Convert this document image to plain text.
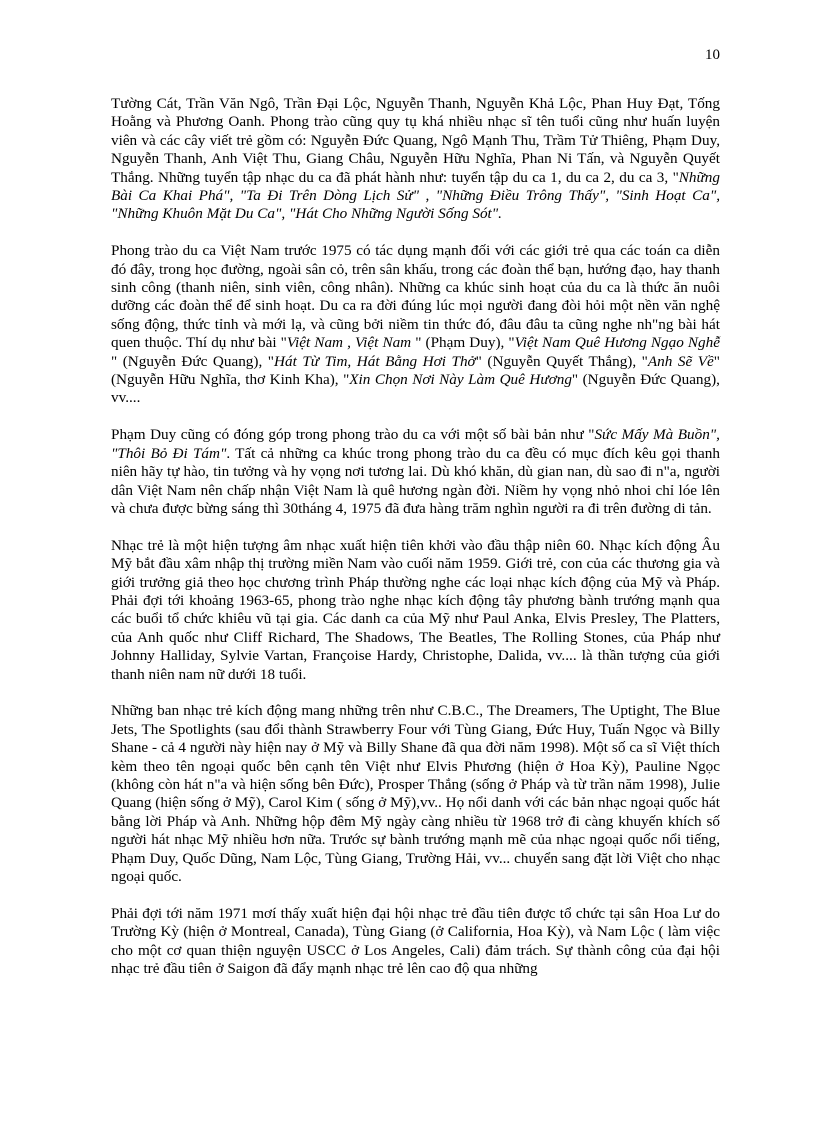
10

Tường Cát, Trần Văn Ngô, Trần Đại Lộc, Nguyễn Thanh, Nguyễn Khả Lộc, Phan Huy Đạt, Tống Hoằng và Phương Oanh. Phong trào cũng quy tụ khá nhiều nhạc sĩ tên tuổi cũng như huấn luyện viên và các cây viết trẻ gồm có: Nguyễn Đức Quang, Ngô Mạnh Thu, Trầm Tử Thiêng, Phạm Duy, Nguyễn Thanh, Anh Việt Thu, Giang Châu, Nguyễn Hữu Nghĩa, Phan Ni Tấn, và Nguyễn Quyết Thắng. Những tuyển tập nhạc du ca đã phát hành như: tuyển tập du ca 1, du ca 2, du ca 3, "Những Bài Ca Khai Phá", "Ta Đi Trên Dòng Lịch Sử" , "Những Điều Trông Thấy", "Sinh Hoạt Ca", "Những Khuôn Mặt Du Ca", "Hát Cho Những Người Sống Sót".

Phong trào du ca Việt Nam trước 1975 có tác dụng mạnh đối với các giới trẻ qua các toán ca diễn đó đây, trong học đường, ngoài sân cỏ, trên sân khấu, trong các đoàn thể bạn, hướng đạo, hay thanh sinh công (thanh niên, sinh viên, công nhân). Những ca khúc sinh hoạt của du ca là thức ăn nuôi dưỡng các đoàn thể để sinh hoạt. Du ca ra đời đúng lúc mọi người đang đòi hỏi một nền văn nghệ sống động, thức tỉnh và mới lạ, và cũng bởi niềm tin thức đó, đâu đâu ta cũng nghe nh"ng bài hát quen thuộc. Thí dụ như bài "Việt Nam , Việt Nam " (Phạm Duy), "Việt Nam Quê Hương Ngạo Nghễ " (Nguyễn Đức Quang), "Hát Từ Tim, Hát Bằng Hơi Thở" (Nguyễn Quyết Thắng), "Anh Sẽ Về" (Nguyễn Hữu Nghĩa, thơ Kinh Kha), "Xin Chọn Nơi Này Làm Quê Hương" (Nguyễn Đức Quang), vv....

Phạm Duy cũng có đóng góp trong phong trào du ca với một số bài bản như "Sức Mấy Mà Buồn", "Thôi Bỏ Đi Tám". Tất cả những ca khúc trong phong trào du ca đều có mục đích kêu gọi thanh niên hãy tự hào, tin tưởng và hy vọng nơi tương lai. Dù khó khăn, dù gian nan, dù sao đi n"a, người dân Việt Nam nên chấp nhận Việt Nam là quê hương ngàn đời. Niềm hy vọng nhỏ nhoi chỉ lóe lên và chưa được bừng sáng thì 30tháng 4, 1975 đã đưa hàng trăm nghìn người ra đi trên đường di tản.

Nhạc trẻ là một hiện tượng âm nhạc xuất hiện tiên khởi vào đầu thập niên 60. Nhạc kích động Âu Mỹ bắt đầu xâm nhập thị trường miền Nam vào cuối năm 1959. Giới trẻ, con của các thương gia và giới trưởng giả theo học chương trình Pháp thường nghe các loại nhạc kích động của Mỹ và Pháp. Phải đợi tới khoảng 1963-65, phong trào nghe nhạc kích động tây phương bành trướng mạnh qua các buổi tổ chức khiêu vũ tại gia. Các danh ca của Mỹ như Paul Anka, Elvis Presley, The Platters, của Anh quốc như Cliff Richard, The Shadows, The Beatles, The Rolling Stones, của Pháp như Johnny Halliday, Sylvie Vartan, Françoise Hardy, Christophe, Dalida, vv.... là thần tượng của giới thanh niên nam nữ dưới 18 tuổi.

Những ban nhạc trẻ kích động mang những trên như C.B.C., The Dreamers, The Uptight, The Blue Jets, The Spotlights (sau đổi thành Strawberry Four với Tùng Giang, Đức Huy, Tuấn Ngọc và Billy Shane - cả 4 người này hiện nay ở Mỹ và Billy Shane đã qua đời năm 1998). Một số ca sĩ Việt thích kèm theo tên ngoại quốc bên cạnh tên Việt như Elvis Phương (hiện ở Hoa Kỳ), Pauline Ngọc (không còn hát n"a và hiện sống bên Đức), Prosper Thắng (sống ở Pháp và từ trần năm 1998), Julie Quang (hiện sống ở Mỹ), Carol Kim ( sống ở Mỹ),vv.. Họ nổi danh với các bản nhạc ngoại quốc hát bằng lời Pháp và Anh. Những hộp đêm Mỹ ngày càng nhiều từ 1968 trở đi càng khuyến khích số người hát nhạc Mỹ nhiều hơn nữa. Trước sự bành trướng mạnh mẽ của nhạc ngoại quốc nổi tiếng, Phạm Duy, Quốc Dũng, Nam Lộc, Tùng Giang, Trường Hải, vv... chuyển sang đặt lời Việt cho nhạc ngoại quốc.

Phải đợi tới năm 1971 mơí thấy xuất hiện đại hội nhạc trẻ đầu tiên được tổ chức tại sân Hoa Lư do Trường Kỳ (hiện ở Montreal, Canada), Tùng Giang (ở California, Hoa Kỳ), và Nam Lộc ( làm việc cho một cơ quan thiện nguyện USCC ở Los Angeles, Cali) đảm trách. Sự thành công của đại hội nhạc trẻ đầu tiên ở Saigon đã đẩy mạnh nhạc trẻ lên cao độ qua những
